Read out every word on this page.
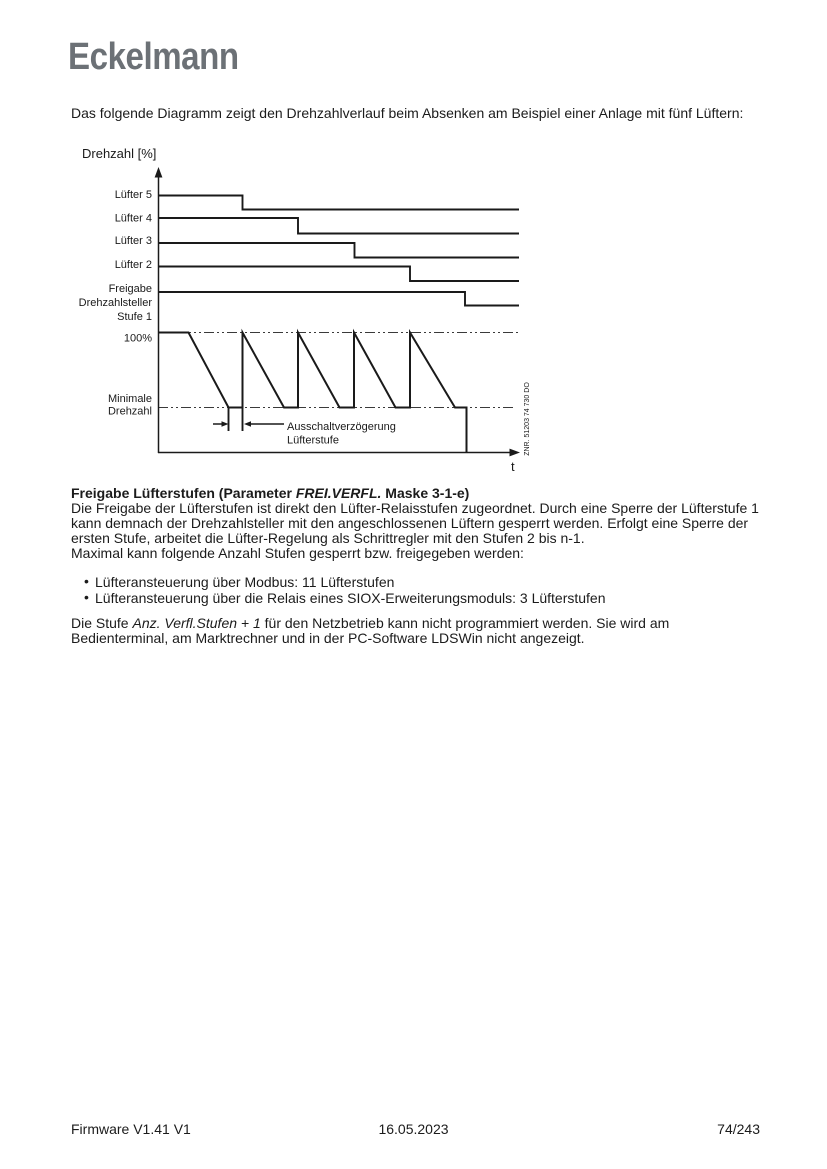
Eckelmann
Das folgende Diagramm zeigt den Drehzahlverlauf beim Absenken am Beispiel einer Anlage mit fünf Lüftern:
Drehzahl [%]
Lüfter 5
Lüfter 4
Lüfter 3
Lüfter 2
Freigabe
Drehzahlsteller
Stufe 1
100%
Minimale
Drehzahl
Ausschaltverzögerung
Lüfterstufe
t
ZNR. 51203 74 730 DO
Freigabe Lüfterstufen (Parameter FREI.VERFL. Maske 3-1-e)
Die Freigabe der Lüfterstufen ist direkt den Lüfter-Relaisstufen zugeordnet. Durch eine Sperre der Lüfterstufe 1
kann demnach der Drehzahlsteller mit den angeschlossenen Lüftern gesperrt werden. Erfolgt eine Sperre der
ersten Stufe, arbeitet die Lüfter-Regelung als Schrittregler mit den Stufen 2 bis n-1.
Maximal kann folgende Anzahl Stufen gesperrt bzw. freigegeben werden:
• Lüfteransteuerung über Modbus: 11 Lüfterstufen
• Lüfteransteuerung über die Relais eines SIOX-Erweiterungsmoduls: 3 Lüfterstufen
Die Stufe Anz. Verfl.Stufen + 1 für den Netzbetrieb kann nicht programmiert werden. Sie wird am
Bedienterminal, am Marktrechner und in der PC-Software LDSWin nicht angezeigt.
Firmware V1.41 V1	16.05.2023	74/243
